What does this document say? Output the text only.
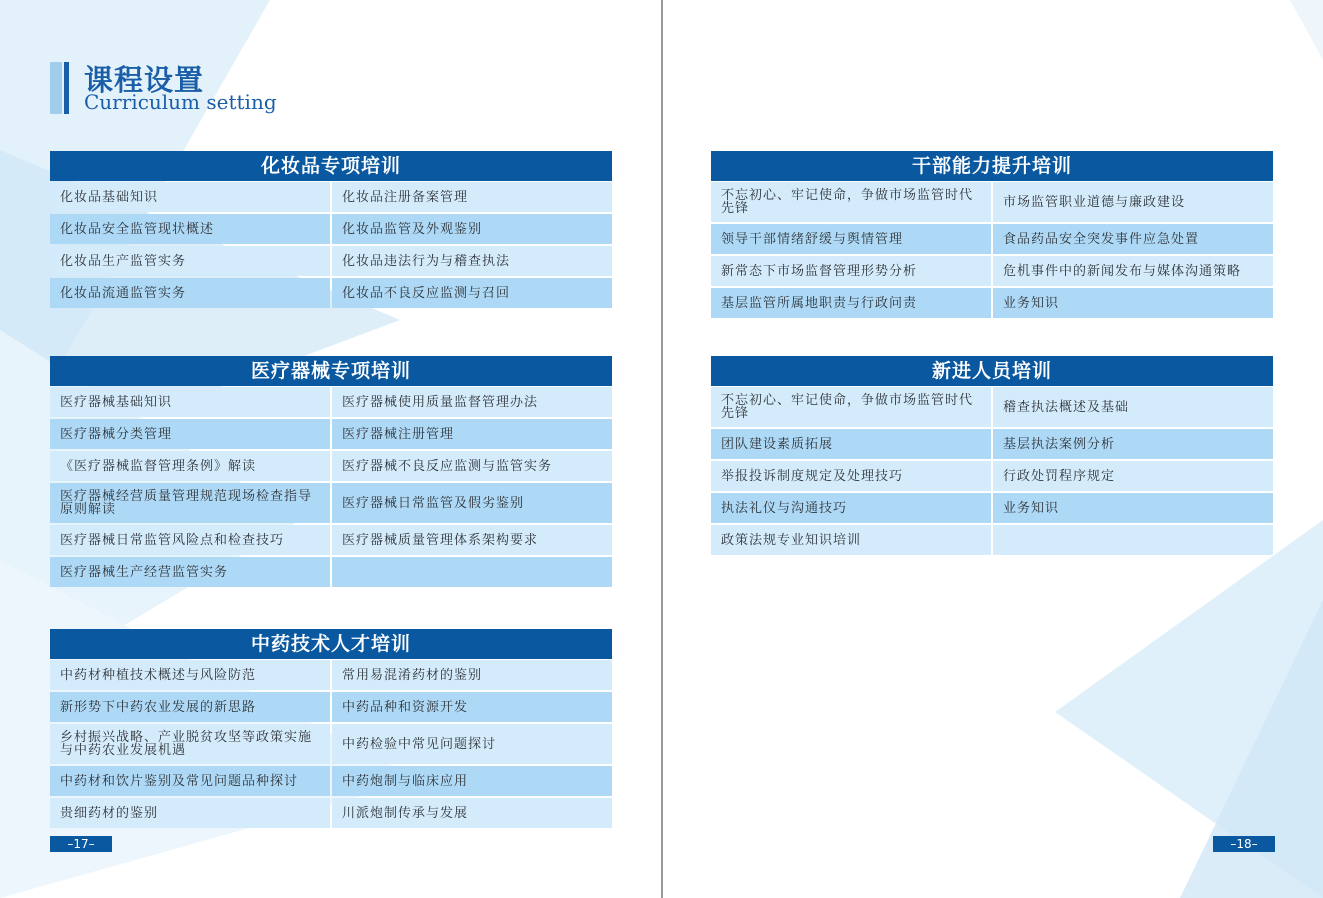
课程设置

Curriculum setting

化妆品专项培训
化妆品基础知识	化妆品注册备案管理
化妆品安全监管现状概述	化妆品监管及外观鉴别
化妆品生产监管实务	化妆品违法行为与稽查执法
化妆品流通监管实务	化妆品不良反应监测与召回
医疗器械专项培训
医疗器械基础知识	医疗器械使用质量监督管理办法
医疗器械分类管理	医疗器械注册管理
《医疗器械监督管理条例》解读	医疗器械不良反应监测与监管实务
医疗器械经营质量管理规范现场检查指导原则解读	医疗器械日常监管及假劣鉴别
医疗器械日常监管风险点和检查技巧	医疗器械质量管理体系架构要求
医疗器械生产经营监管实务
中药技术人才培训
中药材种植技术概述与风险防范	常用易混淆药材的鉴别
新形势下中药农业发展的新思路	中药品种和资源开发
乡村振兴战略、产业脱贫攻坚等政策实施与中药农业发展机遇	中药检验中常见问题探讨
中药材和饮片鉴别及常见问题品种探讨	中药炮制与临床应用
贵细药材的鉴别	川派炮制传承与发展
干部能力提升培训
不忘初心、牢记使命，争做市场监管时代先锋	市场监管职业道德与廉政建设
领导干部情绪舒缓与舆情管理	食品药品安全突发事件应急处置
新常态下市场监督管理形势分析	危机事件中的新闻发布与媒体沟通策略
基层监管所属地职责与行政问责	业务知识
新进人员培训
不忘初心、牢记使命，争做市场监管时代先锋	稽查执法概述及基础
团队建设素质拓展	基层执法案例分析
举报投诉制度规定及处理技巧	行政处罚程序规定
执法礼仪与沟通技巧	业务知识
政策法规专业知识培训
–17–	–18–
